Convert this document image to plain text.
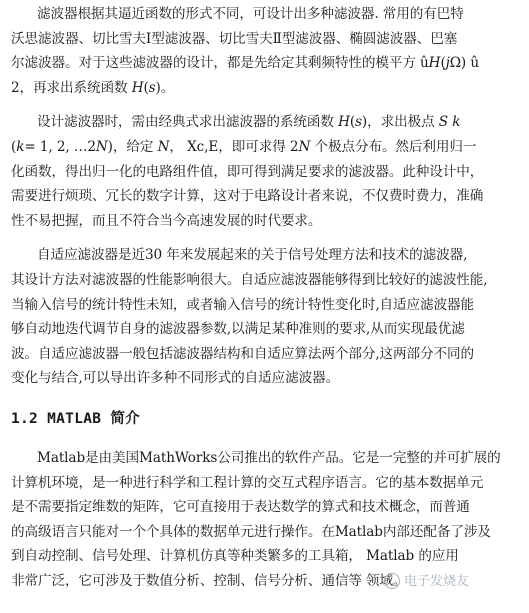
滤波器根据其逼近函数的形式不同，可设计出多种滤波器. 常用的有巴特
沃思滤波器、切比雪夫Ⅰ型滤波器、切比雪夫Ⅱ型滤波器、椭圆滤波器、巴塞
尔滤波器。对于这些滤波器的设计，都是先给定其剩频特性的模平方 û𝐻(𝑗Ω) û
2，再求出系统函数 𝐻(𝑠)。

设计滤波器时，需由经典式求出滤波器的系统函数 𝐻(𝑠)，求出极点 𝑆 𝑘
(𝑘= 1, 2, …2𝑁)，给定 𝑁， Xc,E，即可求得 2𝑁 个极点分布。然后利用归一
化函数，得出归一化的电路组件值，即可得到满足要求的滤波器。此种设计中，
需要进行烦琐、冗长的数字计算，这对于电路设计者来说，不仅费时费力，准确
性不易把握，而且不符合当今高速发展的时代要求。

自适应滤波器是近30 年来发展起来的关于信号处理方法和技术的滤波器,
其设计方法对滤波器的性能影响很大。自适应滤波器能够得到比较好的滤波性能,
当输入信号的统计特性未知，或者输入信号的统计特性变化时,自适应滤波器能
够自动地迭代调节自身的滤波器参数,以满足某种准则的要求,从而实现最优滤
波。自适应滤波器一般包括滤波器结构和自适应算法两个部分,这两部分不同的
变化与结合,可以导出许多种不同形式的自适应滤波器。

1.2 MATLAB 简介

Matlab是由美国MathWorks公司推出的软件产品。它是一完整的并可扩展的
计算机环境，是一种进行科学和工程计算的交互式程序语言。它的基本数据单元
是不需要指定维数的矩阵，它可直接用于表达数学的算式和技术概念，而普通
的高级语言只能对一个个具体的数据单元进行操作。在Matlab内部还配备了涉及
到自动控制、信号处理、计算机仿真等种类繁多的工具箱， Matlab 的应用
非常广泛，它可涉及于数值分析、控制、信号分析、通信等 领域。

电子发烧友
